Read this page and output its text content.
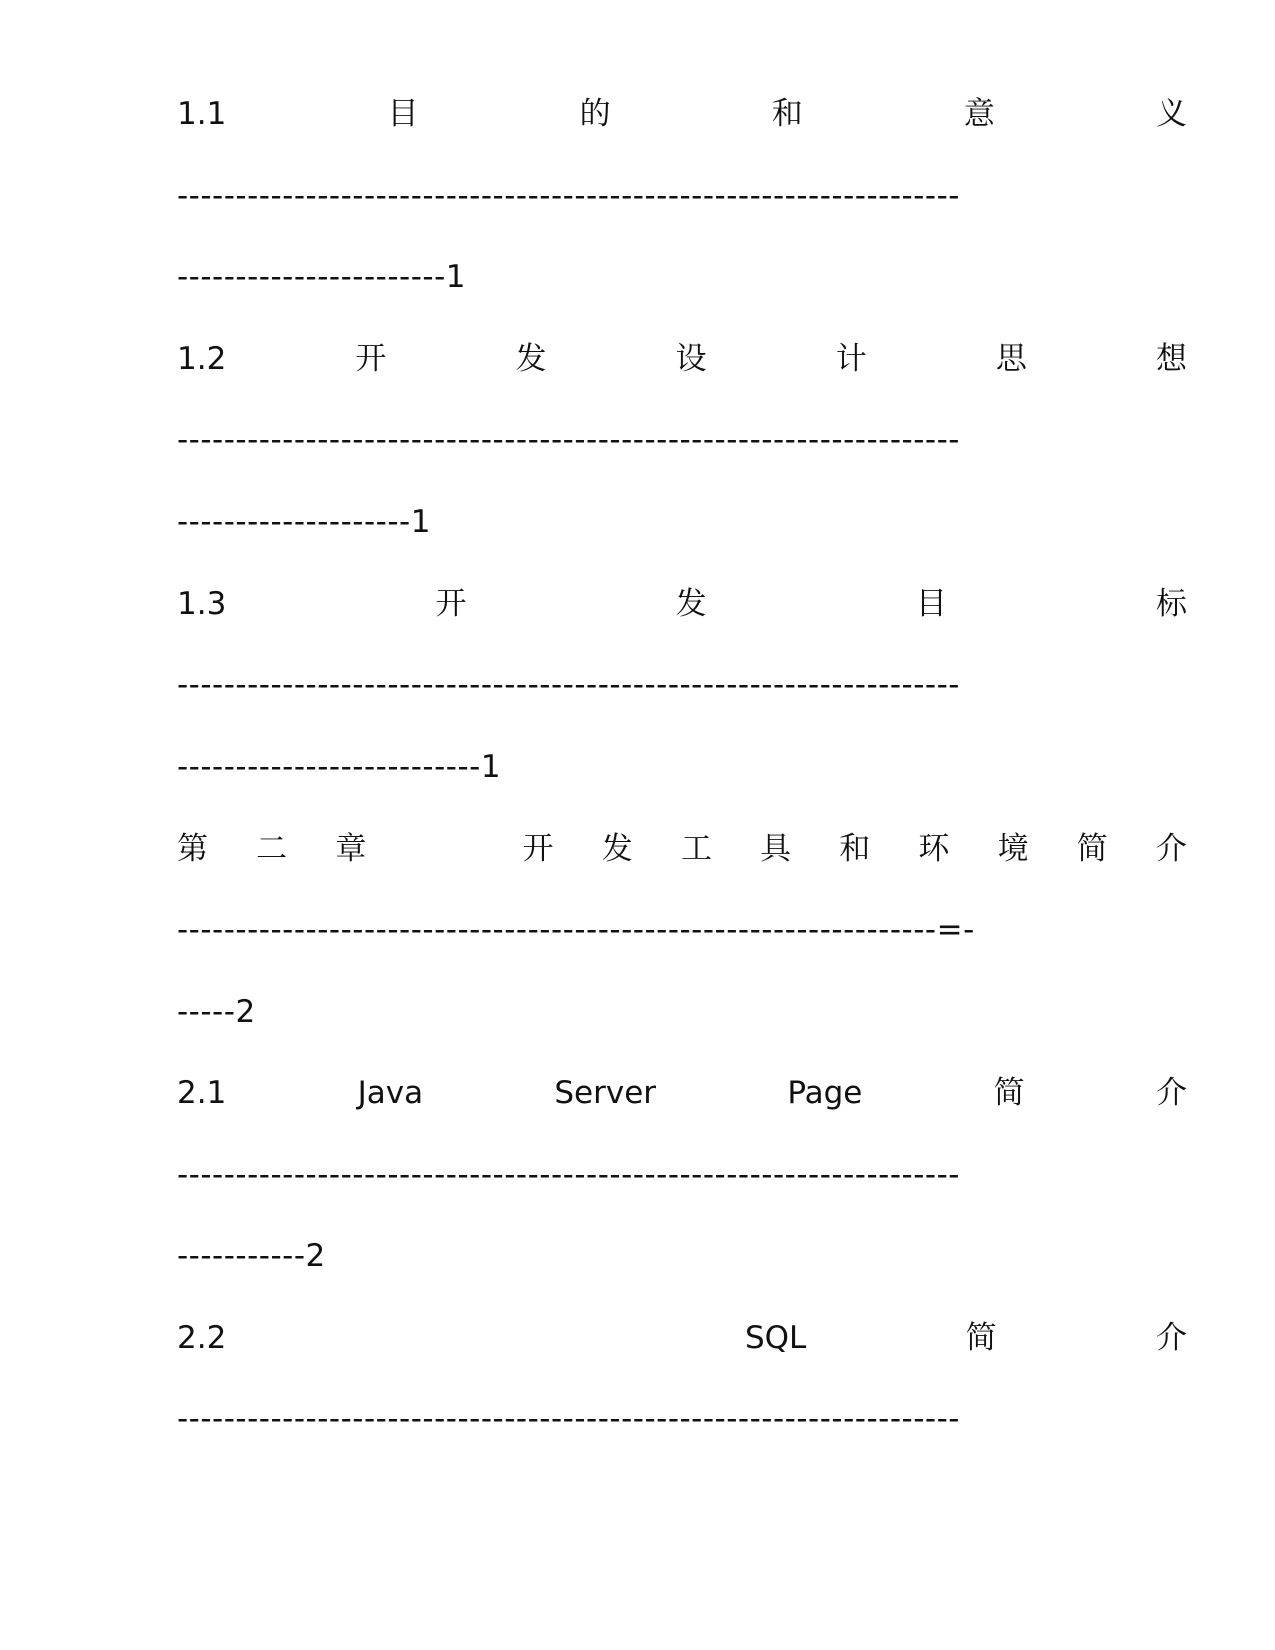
1.1	目	的	和	意	义
-------------------------------------------------------------------
-----------------------1
1.2	开	发	设	计	思	想
-------------------------------------------------------------------
--------------------1
1.3	开	发	目	标
-------------------------------------------------------------------
--------------------------1
第 二 章	开 发 工 具 和 环 境 简 介
-----------------------------------------------------------------=-
-----2
2.1	Java	Server	Page	简	介
-------------------------------------------------------------------
-----------2
2.2	SQL	简	介
-------------------------------------------------------------------
